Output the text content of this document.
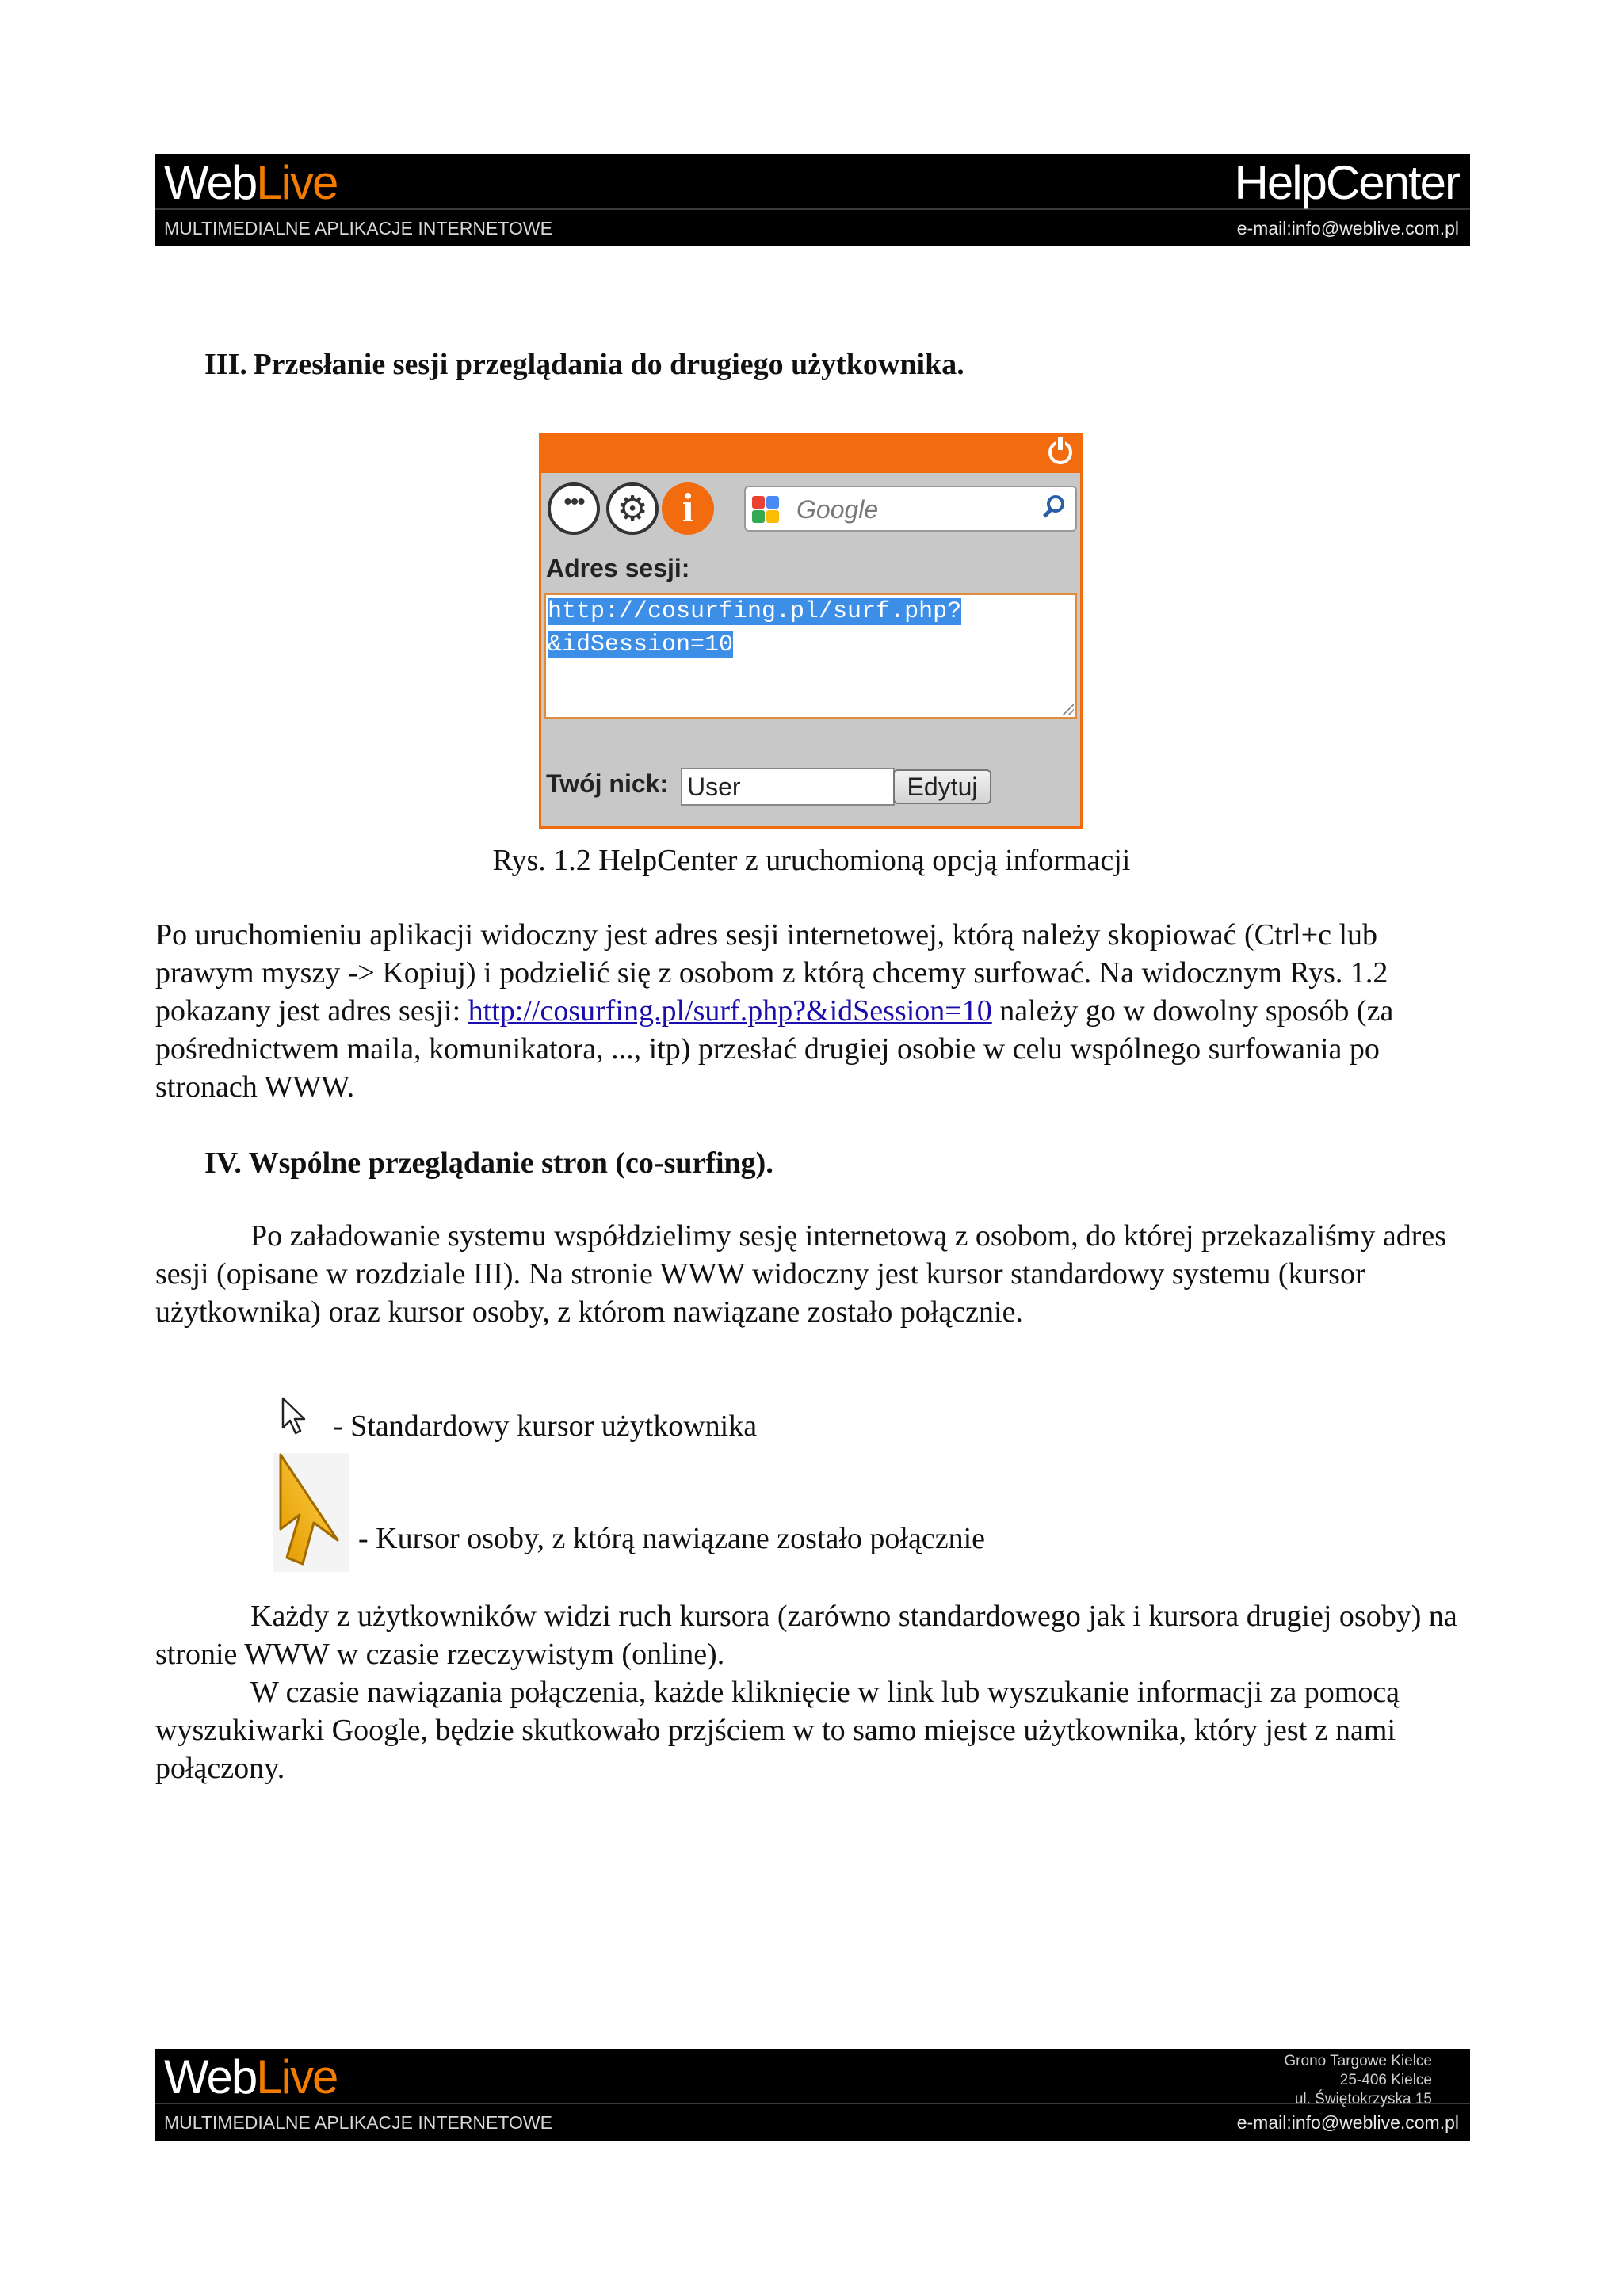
WebLive	HelpCenter
MULTIMEDIALNE APLIKACJE INTERNETOWE	e-mail:info@weblive.com.pl
III. Przesłanie sesji przeglądania do drugiego użytkownika.
•••
⚙
i
Google
Adres sesji:
http://cosurfing.pl/surf.php?
&idSession=10
Twój nick: User	Edytuj
Rys. 1.2 HelpCenter z uruchomioną opcją informacji
Po uruchomieniu aplikacji widoczny jest adres sesji internetowej, którą należy skopiować (Ctrl+c lub prawym myszy -> Kopiuj) i podzielić się z osobom z którą chcemy surfować. Na widocznym Rys. 1.2 pokazany jest adres sesji: http://cosurfing.pl/surf.php?&idSession=10 należy go w dowolny sposób (za pośrednictwem maila, komunikatora, ..., itp) przesłać drugiej osobie w celu wspólnego surfowania po stronach WWW.
IV. Wspólne przeglądanie stron (co-surfing).
Po załadowanie systemu współdzielimy sesję internetową z osobom, do której przekazaliśmy adres sesji (opisane w rozdziale III). Na stronie WWW widoczny jest kursor standardowy systemu (kursor użytkownika) oraz kursor osoby, z którom nawiązane zostało połącznie.
- Standardowy kursor użytkownika
- Kursor osoby, z którą nawiązane zostało połącznie
Każdy z użytkowników widzi ruch kursora (zarówno standardowego jak i kursora drugiej osoby) na stronie WWW w czasie rzeczywistym (online).
W czasie nawiązania połączenia, każde kliknięcie w link lub wyszukanie informacji za pomocą wyszukiwarki Google, będzie skutkowało przjściem w to samo miejsce użytkownika, który jest z nami połączony.
WebLive	Grono Targowe Kielce
25-406 Kielce
ul. Świętokrzyska 15
MULTIMEDIALNE APLIKACJE INTERNETOWE	e-mail:info@weblive.com.pl
